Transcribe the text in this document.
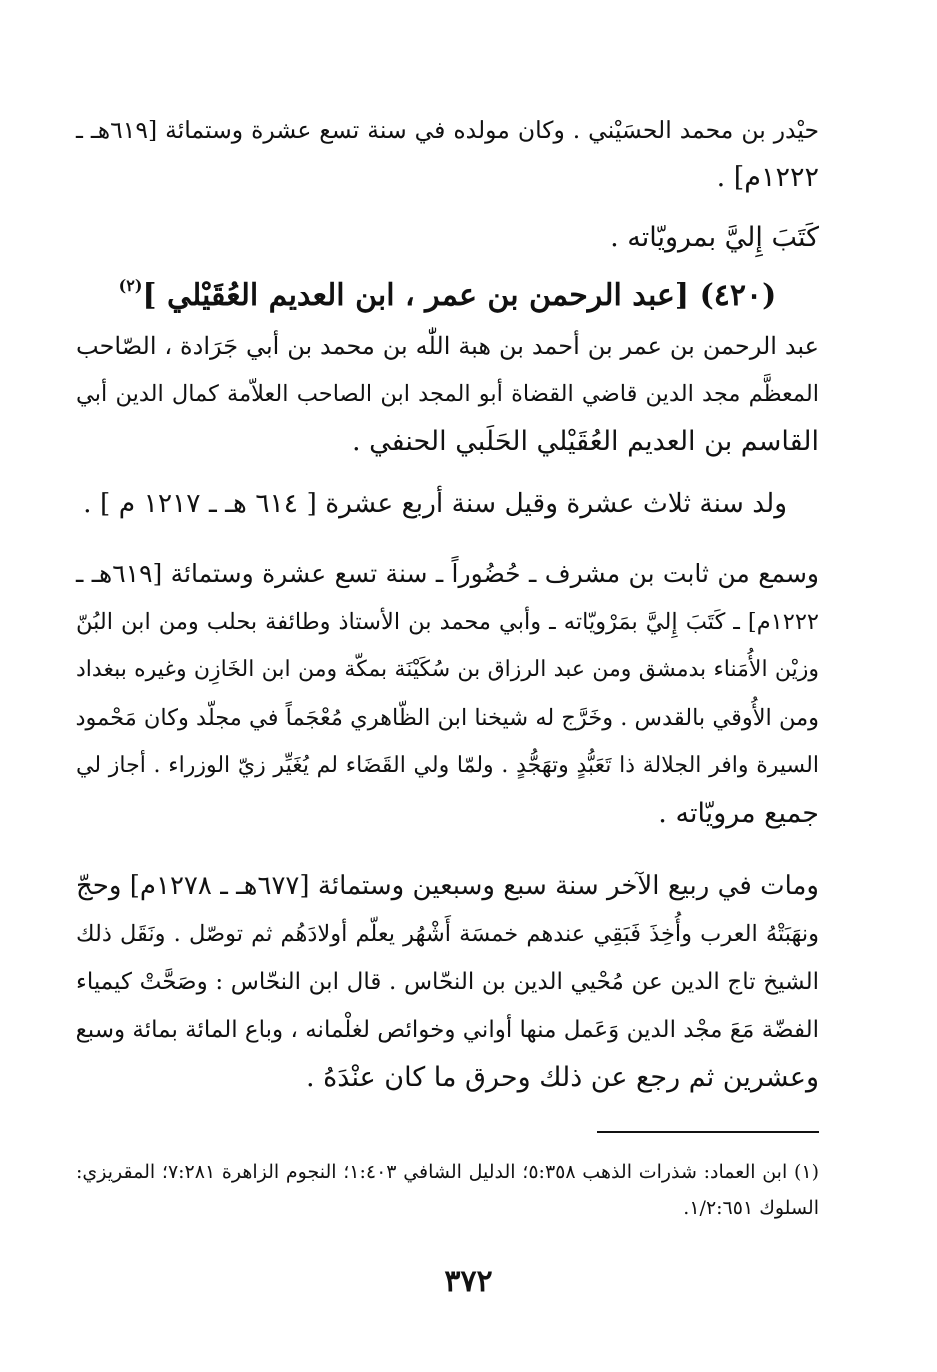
حيْدر بن محمد الحسَيْني . وكان مولده في سنة تسع عشرة وستمائة [٦١٩هـ ـ
١٢٢٢م] .
كَتَبَ إِليَّ بمرويّاته .
(٤٢٠) [عبد الرحمن بن عمر ، ابن العديم العُقَيْلي ]$^{(٢)}$
عبد الرحمن بن عمر بن أحمد بن هبة اللّٰه بن محمد بن أبي جَرَادة ، الصّاحب
المعظَّم مجد الدين قاضي القضاة أبو المجد ابن الصاحب العلاّمة كمال الدين أبي
القاسم بن العديم العُقَيْلي الحَلَبي الحنفي .
ولد سنة ثلاث عشرة وقيل سنة أربع عشرة [ ٦١٤ هـ ـ ١٢١٧ م ] .
وسمع من ثابت بن مشرف ـ حُضُوراً ـ سنة تسع عشرة وستمائة [٦١٩هـ ـ
١٢٢٢م] ـ كَتَبَ إِليَّ بمَرْويّاته ـ وأبي محمد بن الأستاذ وطائفة بحلب ومن ابن البُنّ
وزيْن الأُمَناء بدمشق ومن عبد الرزاق بن سُكَيْنَة بمكّة ومن ابن الخَازِن وغيره ببغداد
ومن الأُوقي بالقدس . وخَرَّج له شيخنا ابن الظّاهري مُعْجَماً في مجلّد وكان مَحْمود
السيرة وافر الجلالة ذا تَعَبُّدٍ وتهَجُّدٍ . ولمّا ولي القَضَاء لم يُغَيِّر زيّ الوزراء . أجاز لي
جميع مرويّاته .
ومات في ربيع الآخر سنة سبع وسبعين وستمائة [٦٧٧هـ ـ ١٢٧٨م] وحجّ
ونهَبَتْهُ العرب وأُخِذَ فَبَقِي عندهم خمسَة أَشْهُر يعلّم أولادَهُم ثم توصّل . ونَقَل ذلك
الشيخ تاج الدين عن مُحْيي الدين بن النحّاس . قال ابن النحّاس : وصَحَّتْ كيمياء
الفضّة مَعَ مجْد الدين وَعَمل منها أواني وخوائص لغلْمانه ، وباع المائة بمائة وسبع
وعشرين ثم رجع عن ذلك وحرق ما كان عنْدَهُ .
(١) ابن العماد: شذرات الذهب ٥:٣٥٨؛ الدليل الشافي ١:٤٠٣؛ النجوم الزاهرة ٧:٢٨١؛ المقريزي:
السلوك ١/٢:٦٥١.
٣٧٢
